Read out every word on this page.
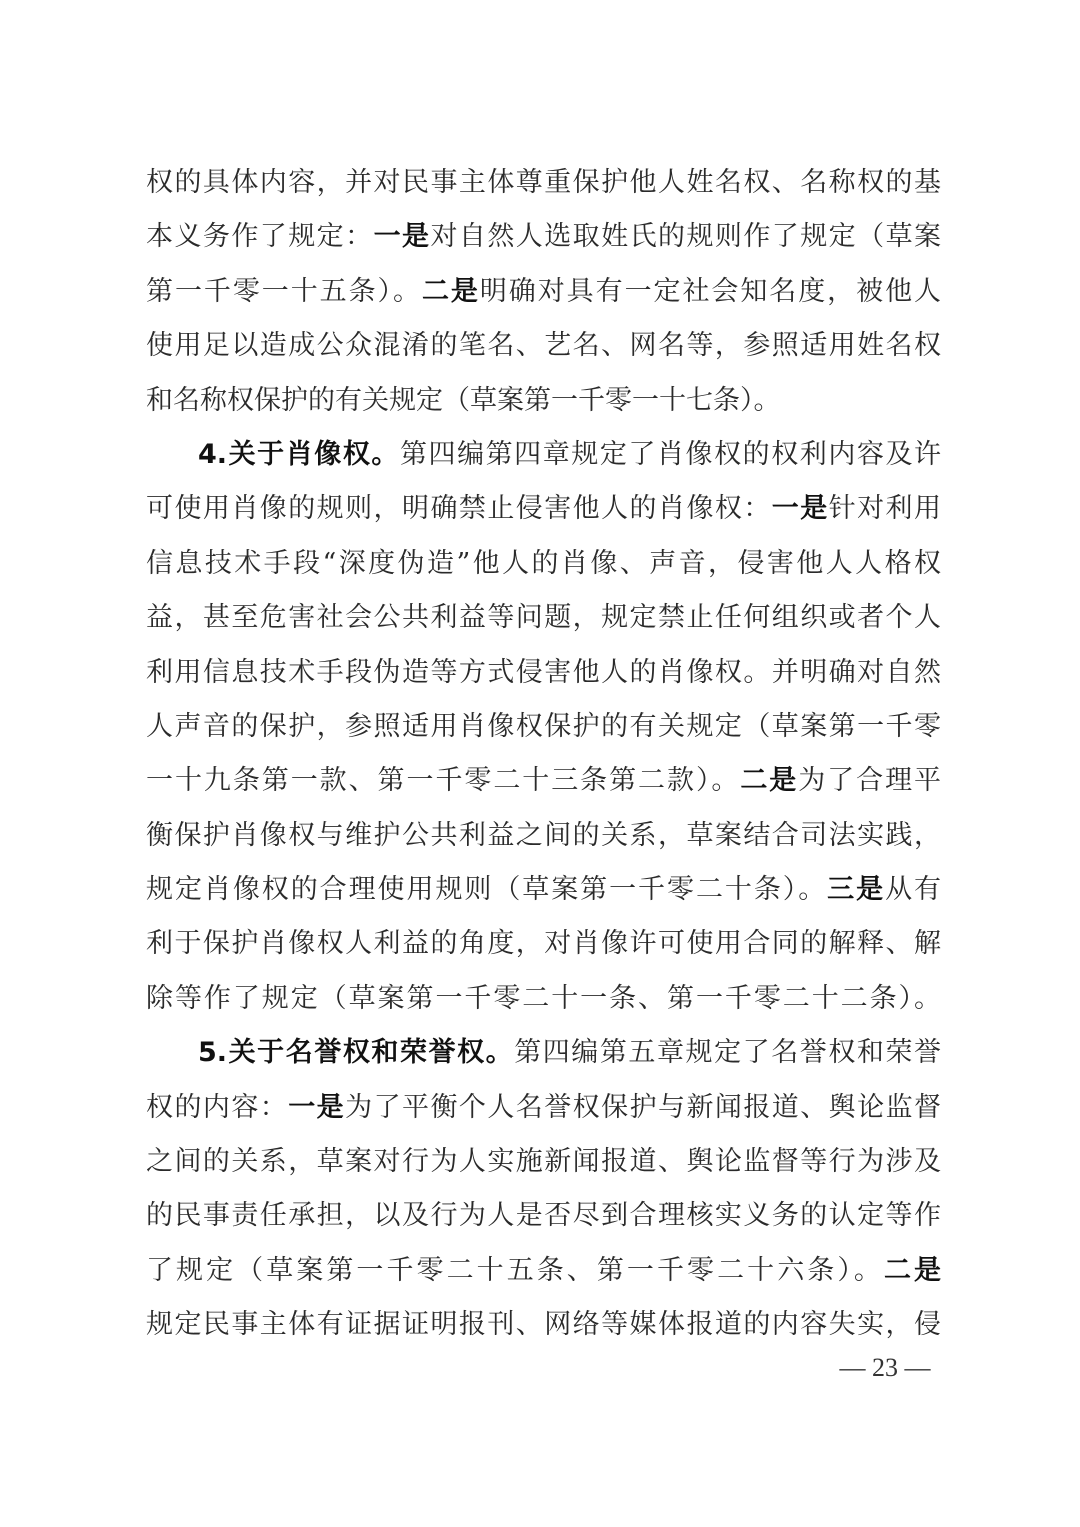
权的具体内容，并对民事主体尊重保护他人姓名权、名称权的基
本义务作了规定：一是对自然人选取姓氏的规则作了规定（草案
第一千零一十五条）。二是明确对具有一定社会知名度，被他人
使用足以造成公众混淆的笔名、艺名、网名等，参照适用姓名权
和名称权保护的有关规定（草案第一千零一十七条）。
4.关于肖像权。第四编第四章规定了肖像权的权利内容及许
可使用肖像的规则，明确禁止侵害他人的肖像权：一是针对利用
信息技术手段“深度伪造”他人的肖像、声音，侵害他人人格权
益，甚至危害社会公共利益等问题，规定禁止任何组织或者个人
利用信息技术手段伪造等方式侵害他人的肖像权。并明确对自然
人声音的保护，参照适用肖像权保护的有关规定（草案第一千零
一十九条第一款、第一千零二十三条第二款）。二是为了合理平
衡保护肖像权与维护公共利益之间的关系，草案结合司法实践，
规定肖像权的合理使用规则（草案第一千零二十条）。三是从有
利于保护肖像权人利益的角度，对肖像许可使用合同的解释、解
除等作了规定（草案第一千零二十一条、第一千零二十二条）。
5.关于名誉权和荣誉权。第四编第五章规定了名誉权和荣誉
权的内容：一是为了平衡个人名誉权保护与新闻报道、舆论监督
之间的关系，草案对行为人实施新闻报道、舆论监督等行为涉及
的民事责任承担，以及行为人是否尽到合理核实义务的认定等作
了规定（草案第一千零二十五条、第一千零二十六条）。二是
规定民事主体有证据证明报刊、网络等媒体报道的内容失实，侵
— 23 —
